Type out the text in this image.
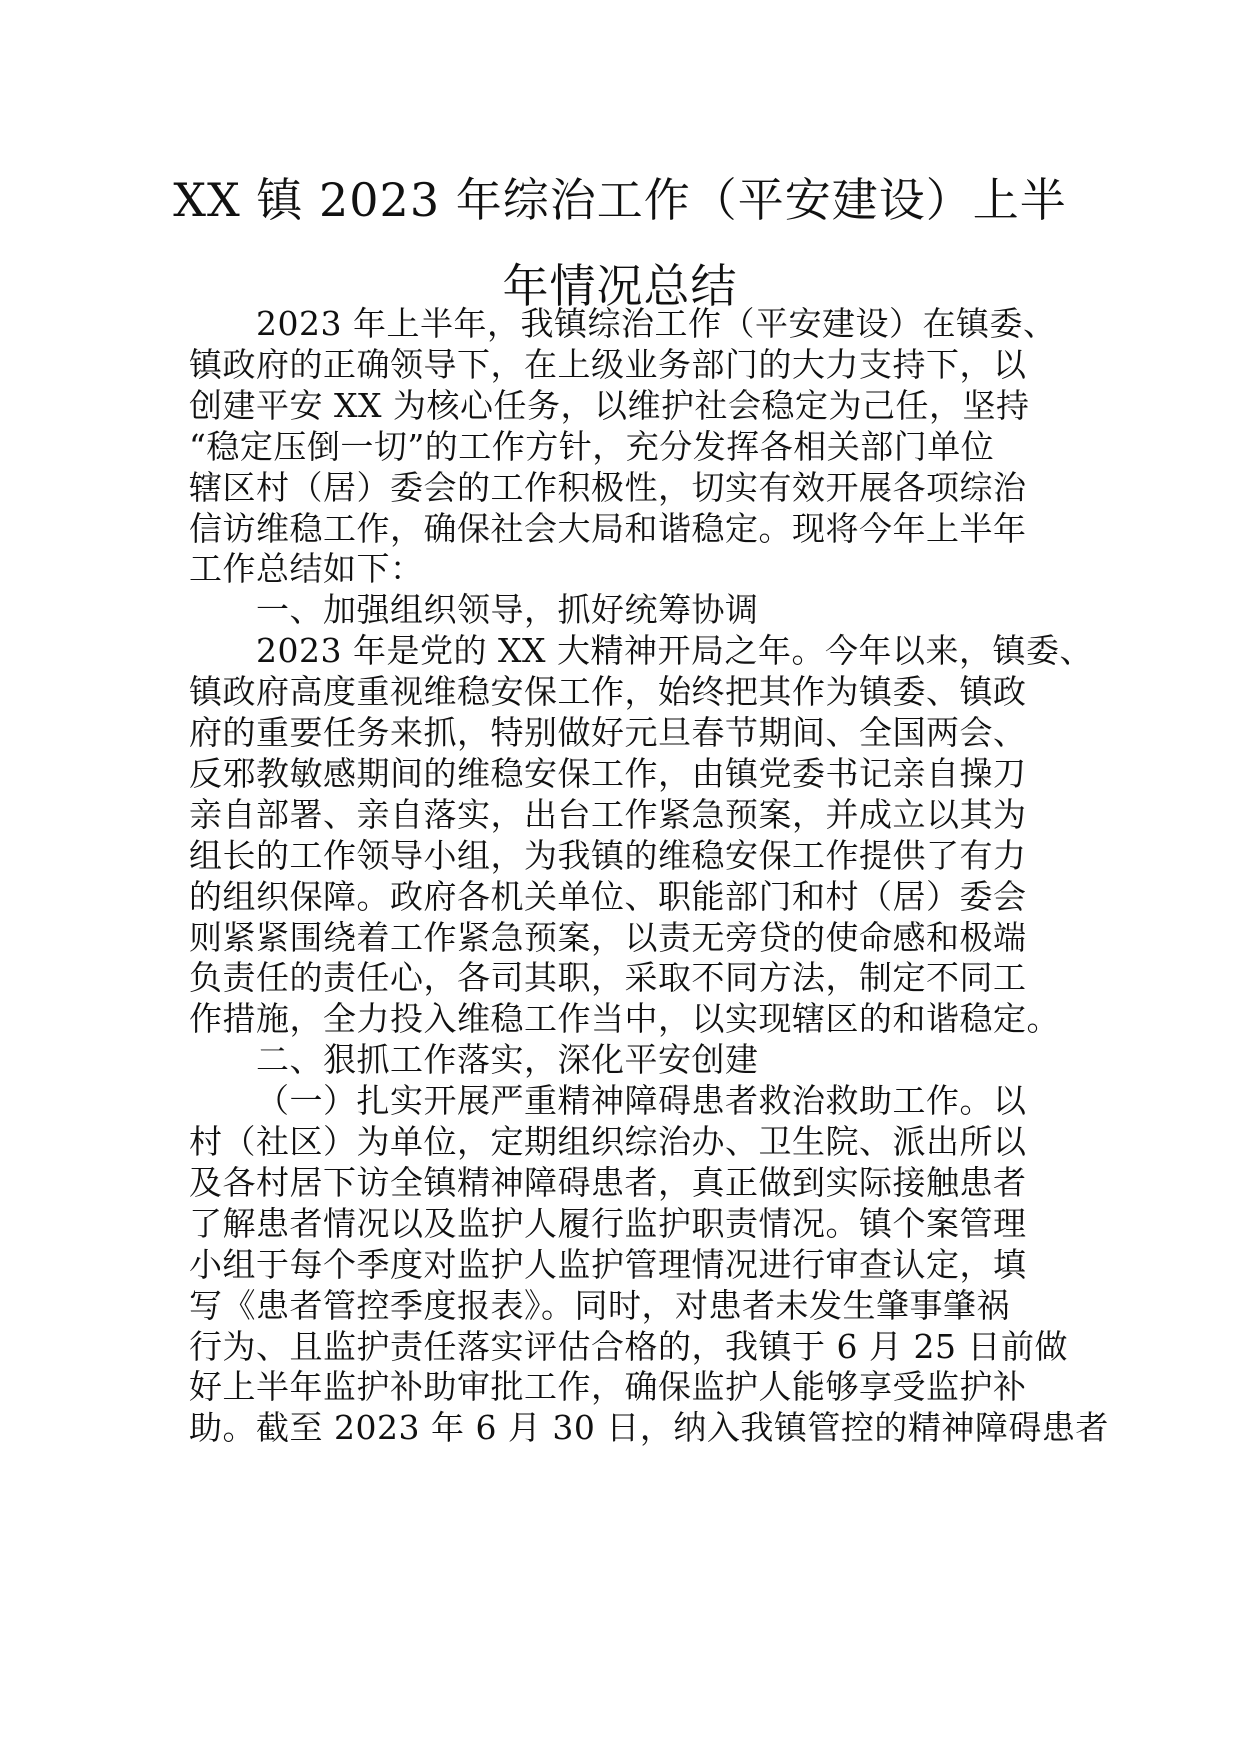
XX 镇 2023 年综治工作（平安建设）上半
年情况总结
2023 年上半年，我镇综治工作（平安建设）在镇委、
镇政府的正确领导下，在上级业务部门的大力支持下，以
创建平安 XX 为核心任务，以维护社会稳定为己任，坚持
“稳定压倒一切”的工作方针，充分发挥各相关部门单位
辖区村（居）委会的工作积极性，切实有效开展各项综治
信访维稳工作，确保社会大局和谐稳定。现将今年上半年
工作总结如下：
一、加强组织领导，抓好统筹协调
2023 年是党的 XX 大精神开局之年。今年以来，镇委、
镇政府高度重视维稳安保工作，始终把其作为镇委、镇政
府的重要任务来抓，特别做好元旦春节期间、全国两会、
反邪教敏感期间的维稳安保工作，由镇党委书记亲自操刀
亲自部署、亲自落实，出台工作紧急预案，并成立以其为
组长的工作领导小组，为我镇的维稳安保工作提供了有力
的组织保障。政府各机关单位、职能部门和村（居）委会
则紧紧围绕着工作紧急预案，以责无旁贷的使命感和极端
负责任的责任心，各司其职，采取不同方法，制定不同工
作措施，全力投入维稳工作当中，以实现辖区的和谐稳定。
二、狠抓工作落实，深化平安创建
（一）扎实开展严重精神障碍患者救治救助工作。以
村（社区）为单位，定期组织综治办、卫生院、派出所以
及各村居下访全镇精神障碍患者，真正做到实际接触患者
了解患者情况以及监护人履行监护职责情况。镇个案管理
小组于每个季度对监护人监护管理情况进行审查认定，填
写《患者管控季度报表》。同时，对患者未发生肇事肇祸
行为、且监护责任落实评估合格的，我镇于 6 月 25 日前做
好上半年监护补助审批工作，确保监护人能够享受监护补
助。截至 2023 年 6 月 30 日，纳入我镇管控的精神障碍患者
